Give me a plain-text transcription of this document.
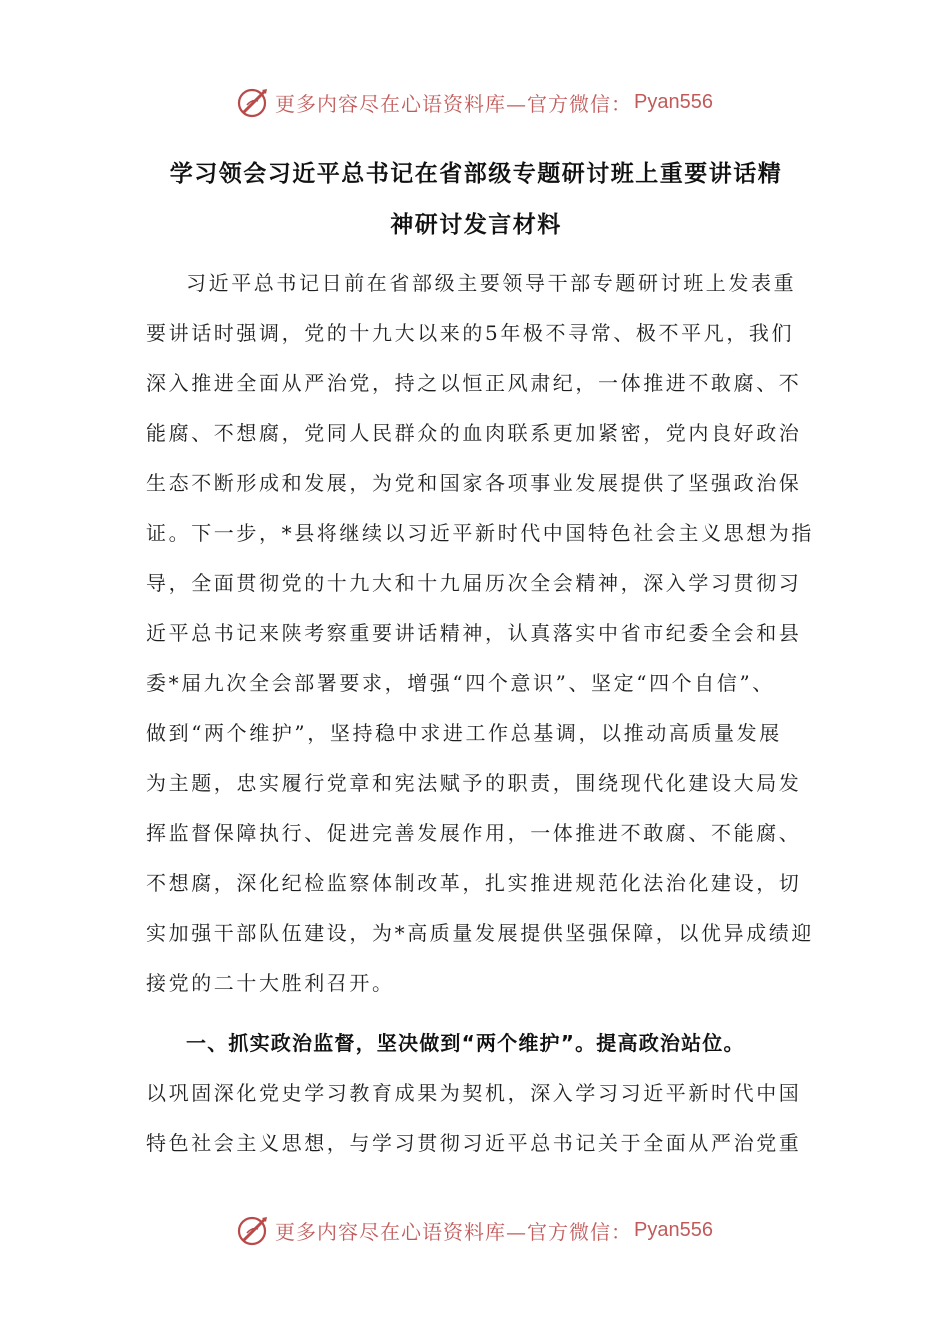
更多内容尽在心语资料库—官方微信： Pyan556
学习领会习近平总书记在省部级专题研讨班上重要讲话精
神研讨发言材料
习近平总书记日前在省部级主要领导干部专题研讨班上发表重
要讲话时强调，党的十九大以来的5年极不寻常、极不平凡，我们
深入推进全面从严治党，持之以恒正风肃纪，一体推进不敢腐、不
能腐、不想腐，党同人民群众的血肉联系更加紧密，党内良好政治
生态不断形成和发展，为党和国家各项事业发展提供了坚强政治保
证。下一步，*县将继续以习近平新时代中国特色社会主义思想为指
导，全面贯彻党的十九大和十九届历次全会精神，深入学习贯彻习
近平总书记来陕考察重要讲话精神，认真落实中省市纪委全会和县
委*届九次全会部署要求，增强“四个意识”、坚定“四个自信”、
做到“两个维护”，坚持稳中求进工作总基调，以推动高质量发展
为主题，忠实履行党章和宪法赋予的职责，围绕现代化建设大局发
挥监督保障执行、促进完善发展作用，一体推进不敢腐、不能腐、
不想腐，深化纪检监察体制改革，扎实推进规范化法治化建设，切
实加强干部队伍建设，为*高质量发展提供坚强保障，以优异成绩迎
接党的二十大胜利召开。
一、抓实政治监督，坚决做到“两个维护”。提高政治站位。
以巩固深化党史学习教育成果为契机，深入学习习近平新时代中国
特色社会主义思想，与学习贯彻习近平总书记关于全面从严治党重
更多内容尽在心语资料库—官方微信： Pyan556
